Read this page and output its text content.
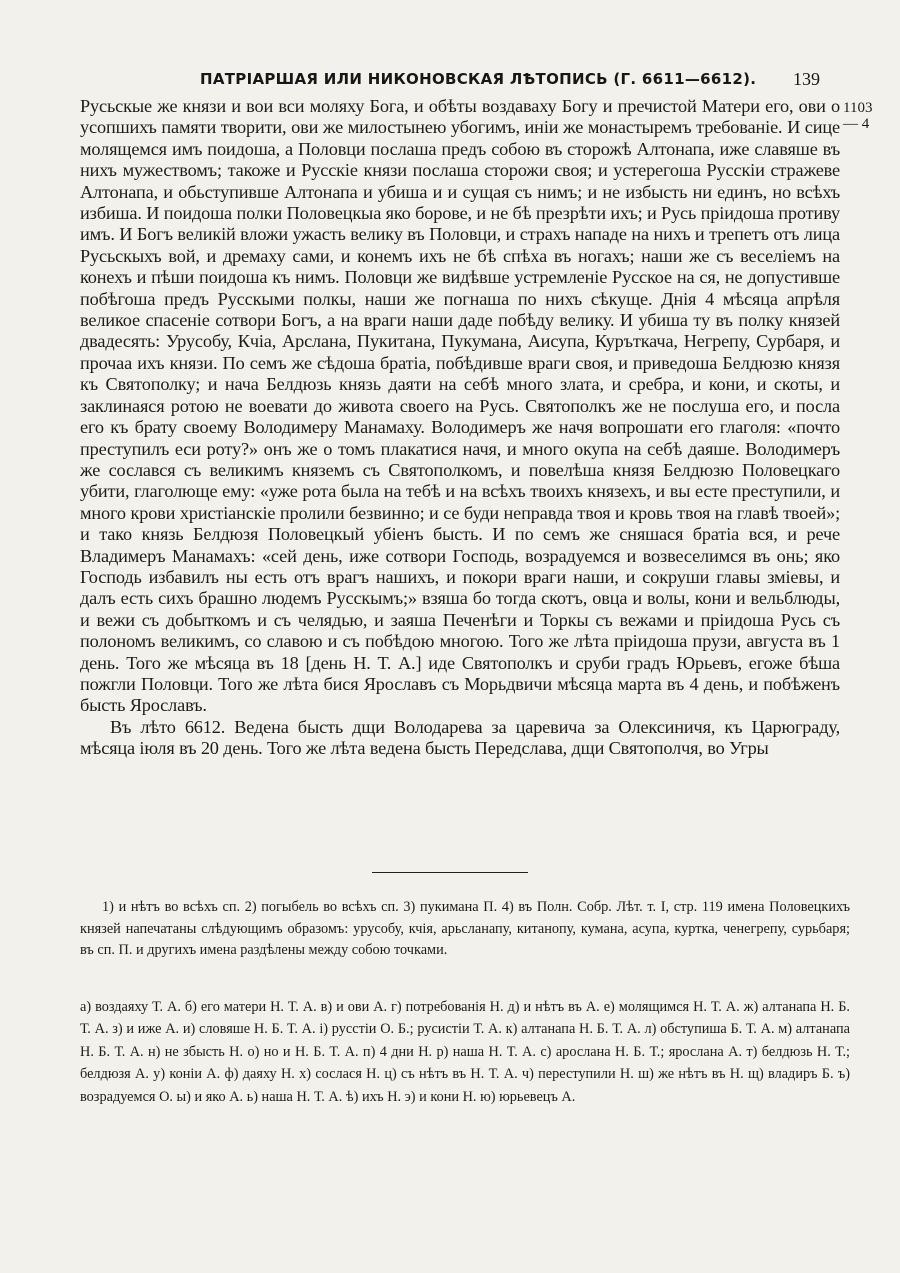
ПАТРІАРШАЯ ИЛИ НИКОНОВСКАЯ ЛѢТОПИСЬ (Г. 6611—6612). 139
1103
— 4

Русьскые же князи и вои вси моляху Бога, и обѣты воздаваху Богу и пречистой Матери его, ови о усопшихъ памяти творити, ови же милостынею убогимъ, иніи же монастыремъ требованіе. И сице молящемся имъ поидоша, а Половци послаша предъ собою въ сторожѣ Алтонапа, иже славяше въ нихъ мужествомъ; такоже и Русскіе князи послаша сторожи своя; и устерегоша Русскіи стражеве Алтонапа, и обьступивше Алтонапа и убиша и и сущая съ нимъ; и не избысть ни единъ, но всѣхъ избиша. И поидоша полки Половецкыа яко борове, и не бѣ презрѣти ихъ; и Русь пріидоша противу имъ. И Богъ великій вложи ужасть велику въ Половци, и страхъ нападе на нихъ и трепетъ отъ лица Русьскыхъ вой, и дремаху сами, и конемъ ихъ не бѣ спѣха въ ногахъ; наши же съ веселіемъ на конехъ и пѣши поидоша къ нимъ. Половци же видѣвше устремленіе Русское на ся, не допустивше побѣгоша предъ Русскыми полкы, наши же погнаша по нихъ сѣкуще. Днія 4 мѣсяца апрѣля великое спасеніе сотвори Богъ, а на враги наши даде побѣду велику. И убиша ту въ полку князей двадесять: Урусобу, Кчіа, Арслана, Пукитана, Пукумана, Аисупа, Куръткача, Негрепу, Сурбаря, и прочаа ихъ князи. По семъ же сѣдоша братіа, побѣдивше враги своя, и приведоша Белдюзю князя къ Святополку; и нача Белдюзь князь даяти на себѣ много злата, и сребра, и кони, и скоты, и заклинаяся ротою не воевати до живота своего на Русь. Святополкъ же не послуша его, и посла его къ брату своему Володимеру Манамаху. Володимеръ же начя вопрошати его глаголя: «почто преступилъ еси роту?» онъ же о томъ плакатися начя, и много окупа на себѣ даяше. Володимеръ же сослався съ великимъ княземъ съ Святополкомъ, и повелѣша князя Белдюзю Половецкаго убити, глаголюще ему: «уже рота была на тебѣ и на всѣхъ твоихъ князехъ, и вы есте преступили, и много крови христіанскіе пролили безвинно; и се буди неправда твоя и кровь твоя на главѣ твоей»; и тако князь Белдюзя Половецкый убіенъ бысть. И по семъ же сняшася братіа вся, и рече Владимеръ Манамахъ: «сей день, иже сотвори Господь, возрадуемся и возвеселимся въ онь; яко Господь избавилъ ны есть отъ врагъ нашихъ, и покори враги наши, и сокруши главы зміевы, и далъ есть сихъ брашно людемъ Русскымъ;» взяша бо тогда скотъ, овца и волы, кони и вельблюды, и вежи съ добыткомъ и съ челядью, и заяша Печенѣги и Торкы съ вежами и пріидоша Русь съ полономъ великимъ, со славою и съ побѣдою многою. Того же лѣта пріидоша прузи, августа въ 1 день. Того же мѣсяца въ 18 [день Н. Т. А.] иде Святополкъ и сруби градъ Юрьевъ, егоже бѣша пожгли Половци. Того же лѣта бися Ярославъ съ Морьдвичи мѣсяца марта въ 4 день, и побѣженъ бысть Ярославъ.

Въ лѣто 6612. Ведена бысть дщи Володарева за царевича за Олексиничя, къ Царюграду, мѣсяца іюля въ 20 день. Того же лѣта ведена бысть Передслава, дщи Святополчя, во Угры

1) и нѣтъ во всѣхъ сп. 2) погыбель во всѣхъ сп. 3) пукимана П. 4) въ Полн. Собр. Лѣт. т. I, стр. 119 имена Половецкихъ князей напечатаны слѣдующимъ образомъ: урусобу, кчія, арьсланапу, китанопу, кумана, асупа, куртка, ченегрепу, сурьбаря; въ сп. П. и другихъ имена раздѣлены между собою точками.

а) воздаяху Т. А. б) его матери Н. Т. А. в) и ови А. г) потребованія Н. д) и нѣтъ въ А. е) молящимся Н. Т. А. ж) алтанапа Н. Б. Т. А. з) и иже А. и) словяше Н. Б. Т. А. і) русстіи О. Б.; русистіи Т. А. к) алтанапа Н. Б. Т. А. л) обступиша Б. Т. А. м) алтанапа Н. Б. Т. А. н) не збысть Н. о) но и Н. Б. Т. А. п) 4 дни Н. р) наша Н. Т. А. с) арослана Н. Б. Т.; ярослана А. т) белдюзь Н. Т.; белдюзя А. у) коніи А. ф) даяху Н. х) сослася Н. ц) съ нѣтъ въ Н. Т. А. ч) переступили Н. ш) же нѣтъ въ Н. щ) владиръ Б. ъ) возрадуемся О. ы) и яко А. ь) наша Н. Т. А. ѣ) ихъ Н. э) и кони Н. ю) юрьевецъ А.
